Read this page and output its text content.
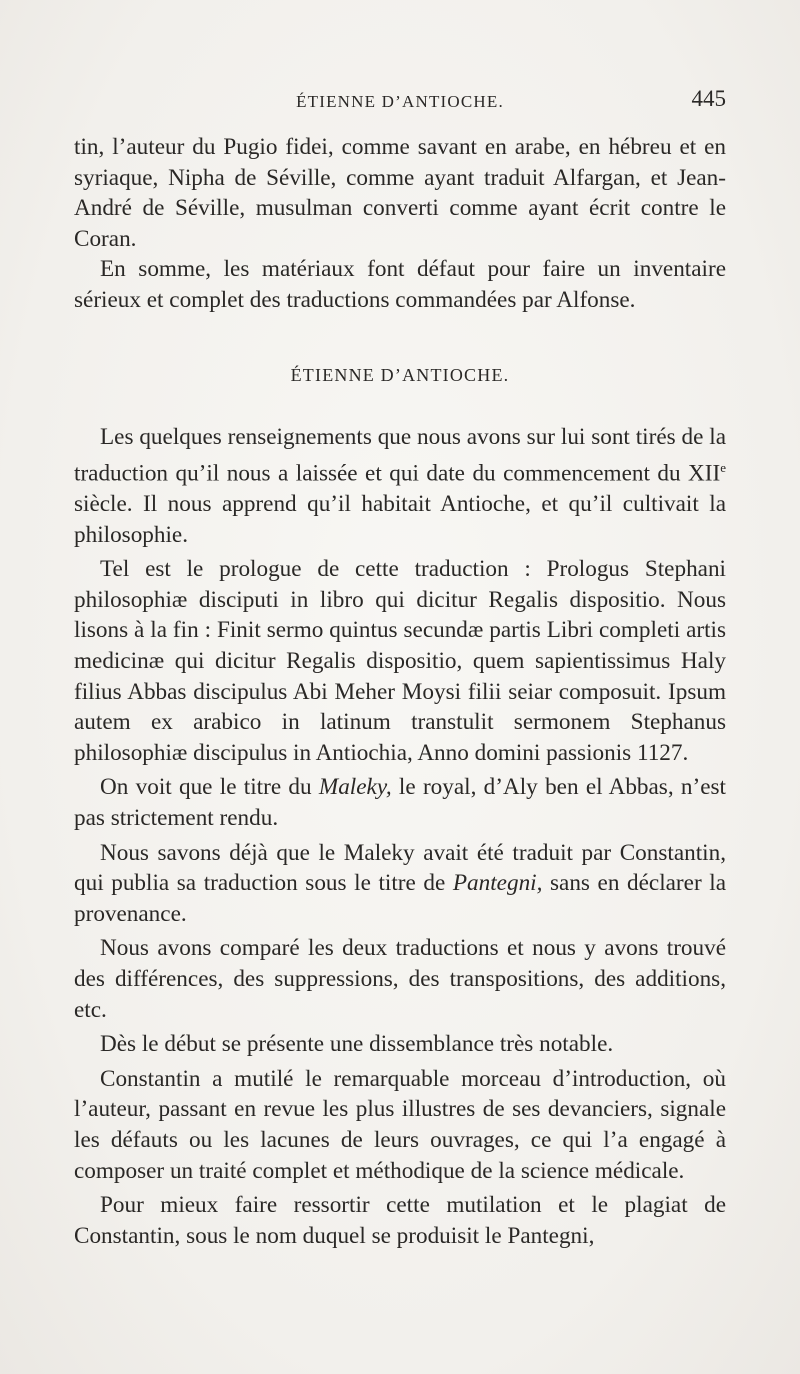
ÉTIENNE D’ANTIOCHE.	445

tin, l’auteur du Pugio fidei, comme savant en arabe, en hébreu et en syriaque, Nipha de Séville, comme ayant traduit Alfargan, et Jean-André de Séville, musulman converti comme ayant écrit contre le Coran.

En somme, les matériaux font défaut pour faire un inventaire sérieux et complet des traductions commandées par Alfonse.

ÉTIENNE D’ANTIOCHE.

Les quelques renseignements que nous avons sur lui sont tirés de la traduction qu’il nous a laissée et qui date du commencement du XIIe siècle. Il nous apprend qu’il habitait Antioche, et qu’il cultivait la philosophie.

Tel est le prologue de cette traduction : Prologus Stephani philosophiæ disciputi in libro qui dicitur Regalis dispositio. Nous lisons à la fin : Finit sermo quintus secundæ partis Libri completi artis medicinæ qui dicitur Regalis dispositio, quem sapientissimus Haly filius Abbas discipulus Abi Meher Moysi filii seiar composuit. Ipsum autem ex arabico in latinum transtulit sermonem Stephanus philosophiæ discipulus in Antiochia, Anno domini passionis 1127.

On voit que le titre du Maleky, le royal, d’Aly ben el Abbas, n’est pas strictement rendu.

Nous savons déjà que le Maleky avait été traduit par Constantin, qui publia sa traduction sous le titre de Pantegni, sans en déclarer la provenance.

Nous avons comparé les deux traductions et nous y avons trouvé des différences, des suppressions, des transpositions, des additions, etc.

Dès le début se présente une dissemblance très notable.

Constantin a mutilé le remarquable morceau d’introduction, où l’auteur, passant en revue les plus illustres de ses devanciers, signale les défauts ou les lacunes de leurs ouvrages, ce qui l’a engagé à composer un traité complet et méthodique de la science médicale.

Pour mieux faire ressortir cette mutilation et le plagiat de Constantin, sous le nom duquel se produisit le Pantegni,
